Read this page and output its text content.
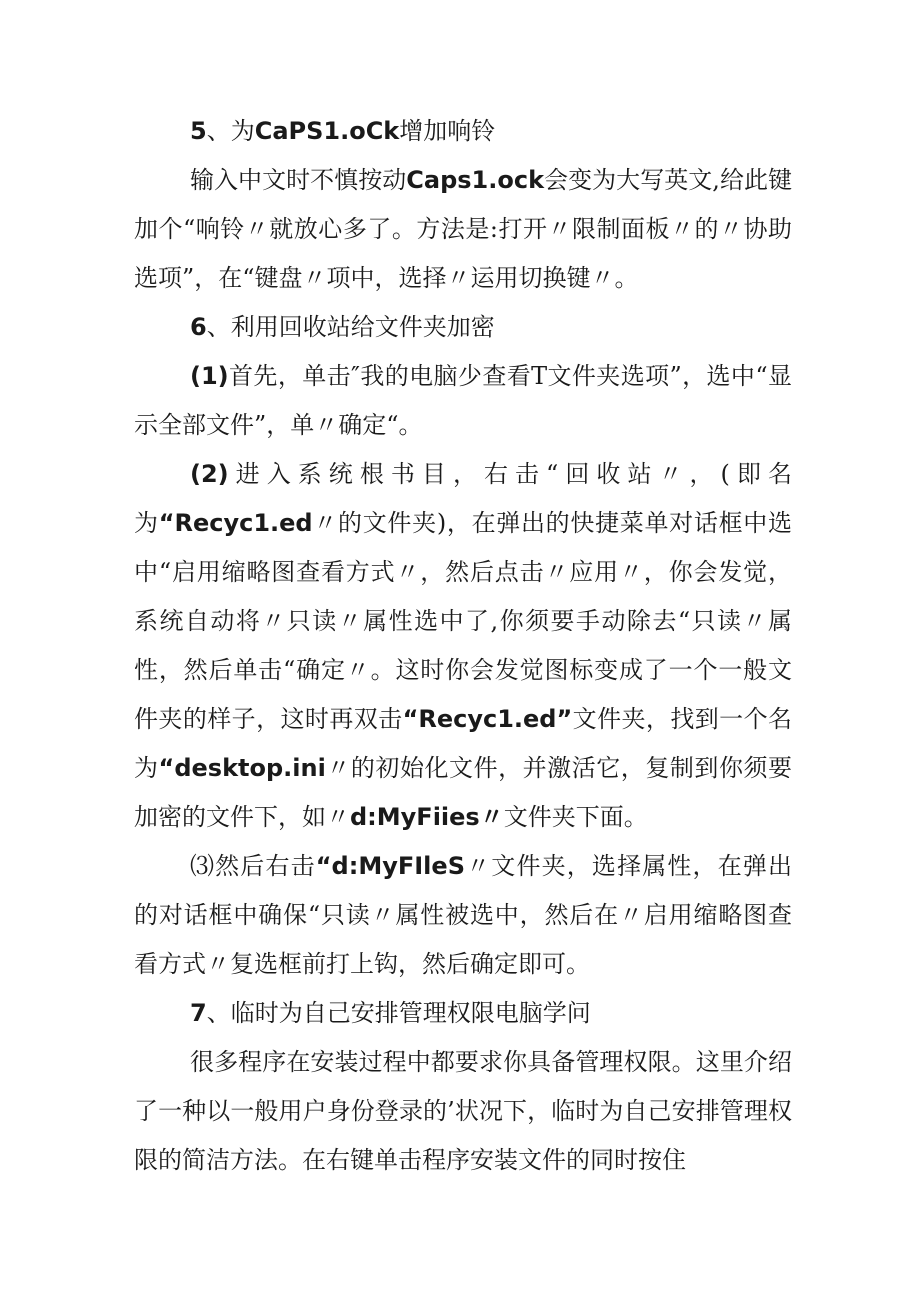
5、为CaPS1.oCk增加响铃

输入中文时不慎按动Caps1.ock会变为大写英文,给此键加个“响铃〃就放心多了。方法是:打开〃限制面板〃的〃协助选项”，在“键盘〃项中，选择〃运用切换键〃。

6、利用回收站给文件夹加密

(1)首先，单击″我的电脑少查看T文件夹选项”，选中“显示全部文件”，单〃确定“。

(2)进入系统根书目，右击“回收站〃，(即名为“Recyc1.ed〃的文件夹)，在弹出的快捷菜单对话框中选中“启用缩略图查看方式〃，然后点击〃应用〃，你会发觉，系统自动将〃只读〃属性选中了,你须要手动除去“只读〃属性，然后单击“确定〃。这时你会发觉图标变成了一个一般文件夹的样子，这时再双击“Recyc1.ed”文件夹，找到一个名为“desktop.ini〃的初始化文件，并激活它，复制到你须要加密的文件下，如〃d:MyFiies〃文件夹下面。

⑶然后右击“d:MyFIleS〃文件夹，选择属性，在弹出的对话框中确保“只读〃属性被选中，然后在〃启用缩略图查看方式〃复选框前打上钩，然后确定即可。

7、临时为自己安排管理权限电脑学问

很多程序在安装过程中都要求你具备管理权限。这里介绍了一种以一般用户身份登录的’状况下，临时为自己安排管理权限的简洁方法。在右键单击程序安装文件的同时按住
